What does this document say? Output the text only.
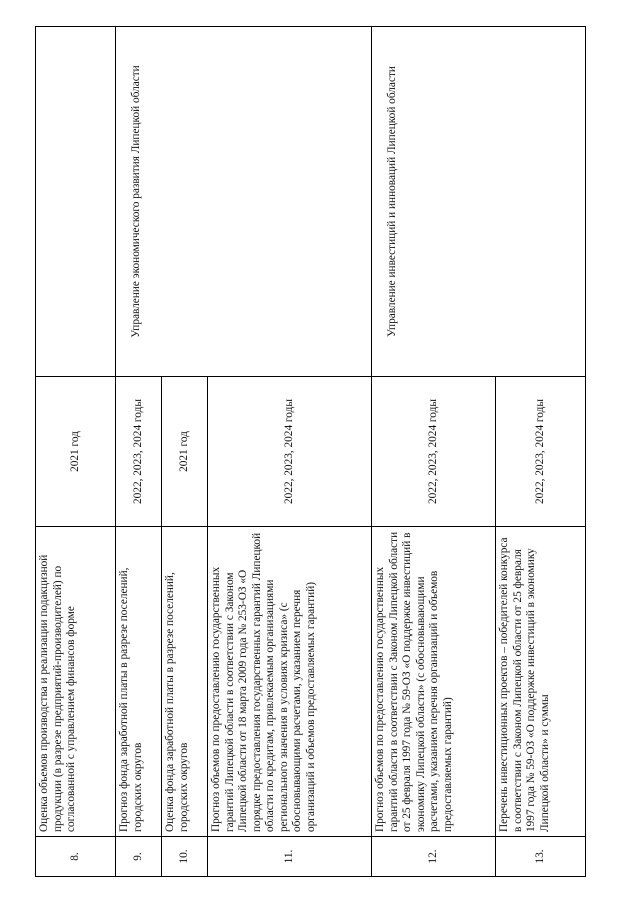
8.	Оценка объемов производства и реализации подакцизной продукции (в разрезе предприятий-производителей) по согласованной с управлением финансов форме	2021 год	
9.	Прогноз фонда заработной платы в разрезе поселений, городских округов	2022, 2023, 2024 годы	Управление экономического развития Липецкой области
10.	Оценка фонда заработной платы в разрезе поселений, городских округов	2021 год	
11.	Прогноз объемов по предоставлению государственных гарантий Липецкой области в соответствии с Законом Липецкой области от 18 марта 2009 года № 253-ОЗ «О порядке предоставления государственных гарантий Липецкой области по кредитам, привлекаемым организациями регионального значения в условиях кризиса» (с обосновывающими расчетами, указанием перечня организаций и объемов предоставляемых гарантий)	2022, 2023, 2024 годы	
12.	Прогноз объемов по предоставлению государственных гарантий области в соответствии с Законом Липецкой области от 25 февраля 1997 года № 59-ОЗ «О поддержке инвестиций в экономику Липецкой области» (с обосновывающими расчетами, указанием перечня организаций и объемов предоставляемых гарантий)	2022, 2023, 2024 годы	Управление инвестиций и инноваций Липецкой области
13.	Перечень инвестиционных проектов – победителей конкурса в соответствии с Законом Липецкой области от 25 февраля 1997 года № 59-ОЗ «О поддержке инвестиций в экономику Липецкой области» и суммы	2022, 2023, 2024 годы	
